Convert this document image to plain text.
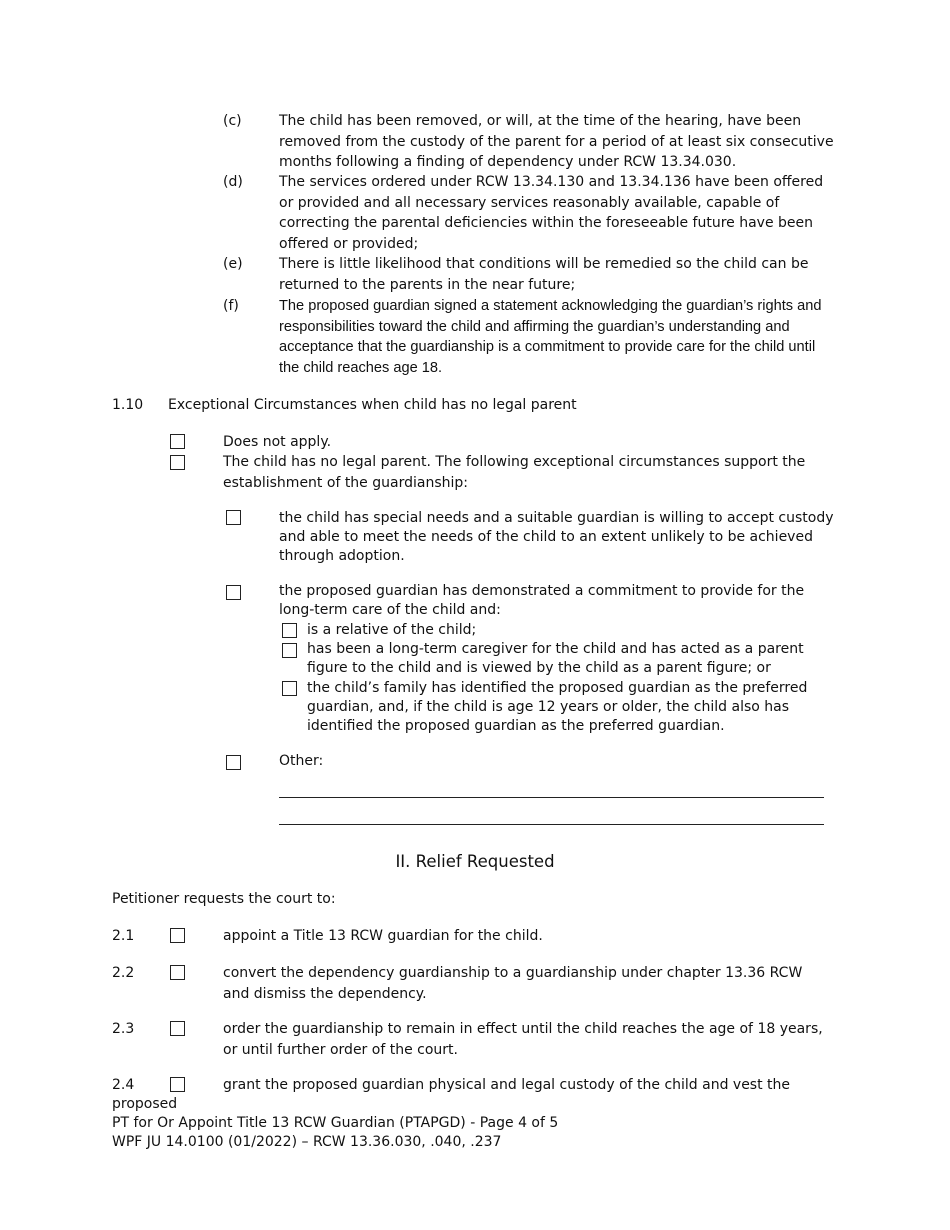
(c)	The child has been removed, or will, at the time of the hearing, have been removed from the custody of the parent for a period of at least six consecutive months following a finding of dependency under RCW 13.34.030.
(d)	The services ordered under RCW 13.34.130 and 13.34.136 have been offered or provided and all necessary services reasonably available, capable of correcting the parental deficiencies within the foreseeable future have been offered or provided;
(e)	There is little likelihood that conditions will be remedied so the child can be returned to the parents in the near future;
(f)	The proposed guardian signed a statement acknowledging the guardian’s rights and responsibilities toward the child and affirming the guardian’s understanding and acceptance that the guardianship is a commitment to provide care for the child until the child reaches age 18.
1.10 Exceptional Circumstances when child has no legal parent
Does not apply.
The child has no legal parent. The following exceptional circumstances support the establishment of the guardianship:
the child has special needs and a suitable guardian is willing to accept custody and able to meet the needs of the child to an extent unlikely to be achieved through adoption.
the proposed guardian has demonstrated a commitment to provide for the long-term care of the child and:
is a relative of the child;
has been a long-term caregiver for the child and has acted as a parent figure to the child and is viewed by the child as a parent figure; or
the child’s family has identified the proposed guardian as the preferred guardian, and, if the child is age 12 years or older, the child also has identified the proposed guardian as the preferred guardian.
Other:
II. Relief Requested
Petitioner requests the court to:
2.1	appoint a Title 13 RCW guardian for the child.
2.2	convert the dependency guardianship to a guardianship under chapter 13.36 RCW and dismiss the dependency.
2.3	order the guardianship to remain in effect until the child reaches the age of 18 years, or until further order of the court.
2.4	grant the proposed guardian physical and legal custody of the child and vest the
proposed
PT for Or Appoint Title 13 RCW Guardian (PTAPGD) - Page 4 of 5
WPF JU 14.0100 (01/2022) – RCW 13.36.030, .040, .237
